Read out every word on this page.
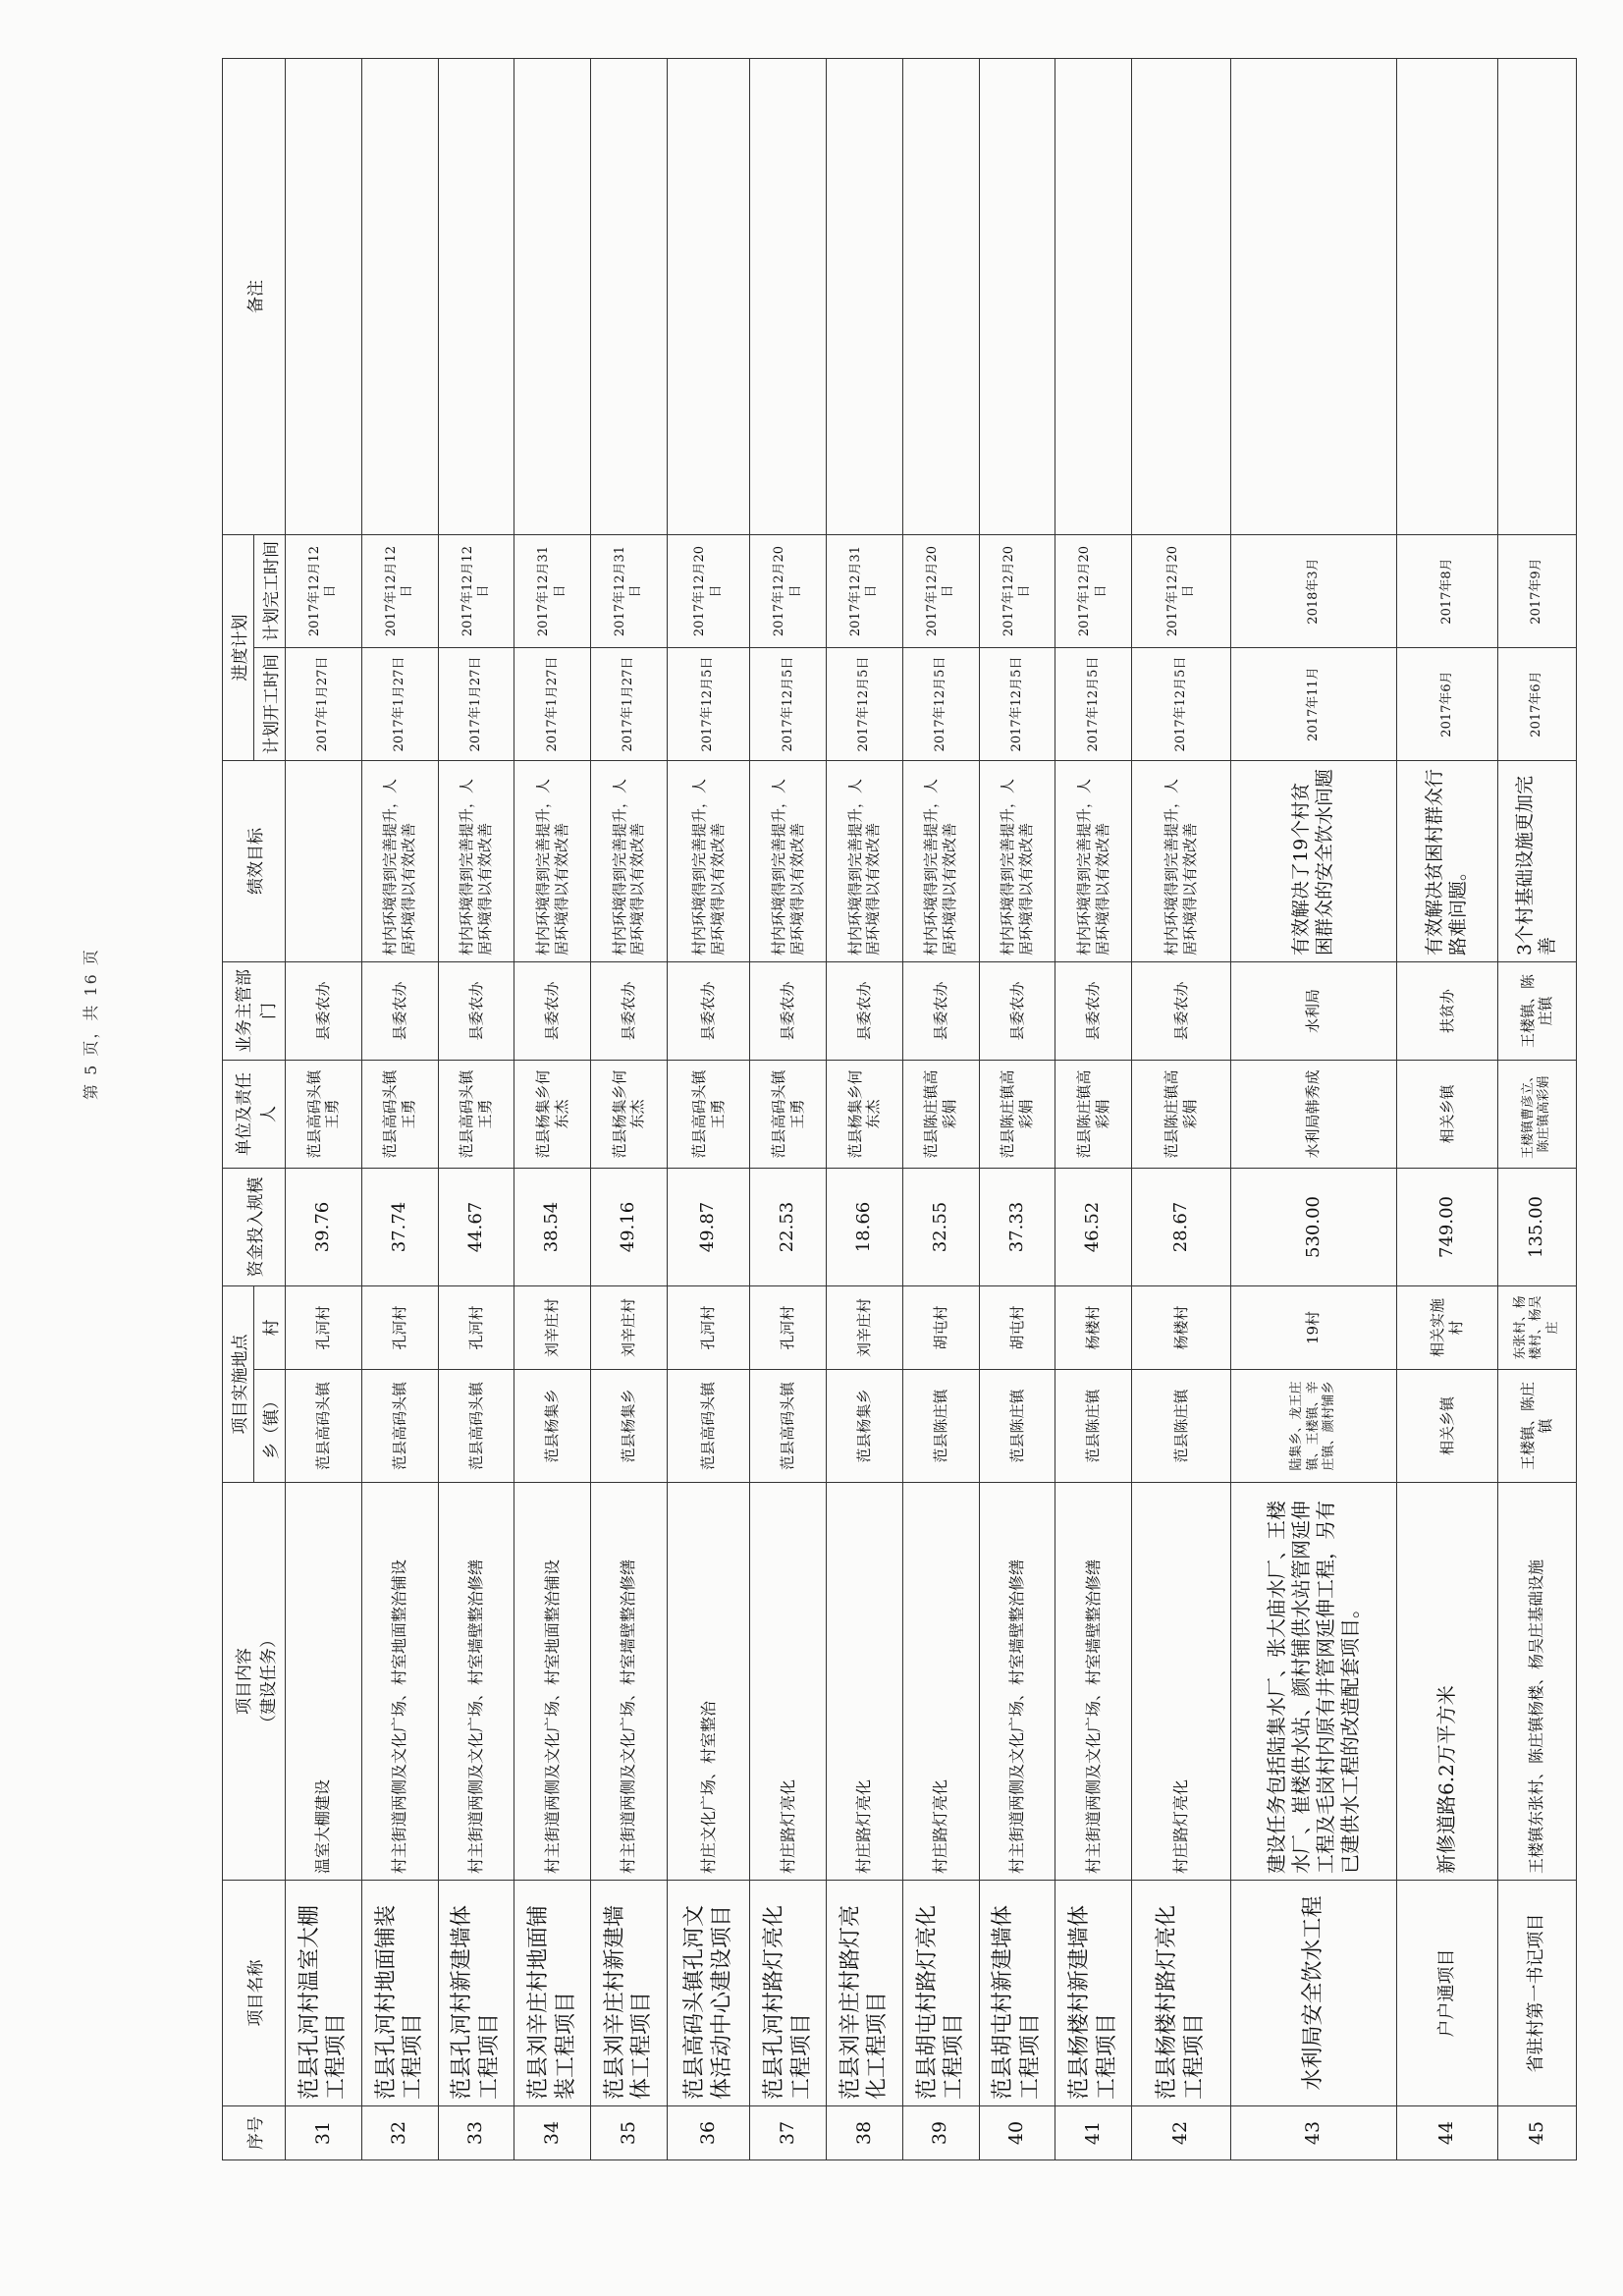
序号	项目名称	项目内容 （建设任务）	项目实施地点		资金投入规模	单位及责任人	业务主管部门	绩效目标	进度计划		备注
			乡（镇）	村					计划开工时间	计划完工时间	
31	范县孔河村温室大棚工程项目	温室大棚建设	范县高码头镇	孔河村	39.76	范县高码头镇王勇	县委农办		2017年1月27日	2017年12月12日	
32	范县孔河村地面铺装工程项目	村主街道两侧及文化广场、村室地面整治铺设	范县高码头镇	孔河村	37.74	范县高码头镇王勇	县委农办	村内环境得到完善提升，人居环境得以有效改善	2017年1月27日	2017年12月12日	
33	范县孔河村新建墙体工程项目	村主街道两侧及文化广场、村室墙壁整治修缮	范县高码头镇	孔河村	44.67	范县高码头镇王勇	县委农办	村内环境得到完善提升，人居环境得以有效改善	2017年1月27日	2017年12月12日	
34	范县刘辛庄村地面铺装工程项目	村主街道两侧及文化广场、村室地面整治铺设	范县杨集乡	刘辛庄村	38.54	范县杨集乡何东杰	县委农办	村内环境得到完善提升，人居环境得以有效改善	2017年1月27日	2017年12月31日	
35	范县刘辛庄村新建墙体工程项目	村主街道两侧及文化广场、村室墙壁整治修缮	范县杨集乡	刘辛庄村	49.16	范县杨集乡何东杰	县委农办	村内环境得到完善提升，人居环境得以有效改善	2017年1月27日	2017年12月31日	
36	范县高码头镇孔河文体活动中心建设项目	村庄文化广场、村室整治	范县高码头镇	孔河村	49.87	范县高码头镇王勇	县委农办	村内环境得到完善提升，人居环境得以有效改善	2017年12月5日	2017年12月20日	
37	范县孔河村路灯亮化工程项目	村庄路灯亮化	范县高码头镇	孔河村	22.53	范县高码头镇王勇	县委农办	村内环境得到完善提升，人居环境得以有效改善	2017年12月5日	2017年12月20日	
38	范县刘辛庄村路灯亮化工程项目	村庄路灯亮化	范县杨集乡	刘辛庄村	18.66	范县杨集乡何东杰	县委农办	村内环境得到完善提升，人居环境得以有效改善	2017年12月5日	2017年12月31日	
39	范县胡屯村路灯亮化工程项目	村庄路灯亮化	范县陈庄镇	胡屯村	32.55	范县陈庄镇高彩娟	县委农办	村内环境得到完善提升，人居环境得以有效改善	2017年12月5日	2017年12月20日	
40	范县胡屯村新建墙体工程项目	村主街道两侧及文化广场、村室墙壁整治修缮	范县陈庄镇	胡屯村	37.33	范县陈庄镇高彩娟	县委农办	村内环境得到完善提升，人居环境得以有效改善	2017年12月5日	2017年12月20日	
41	范县杨楼村新建墙体工程项目	村主街道两侧及文化广场、村室墙壁整治修缮	范县陈庄镇	杨楼村	46.52	范县陈庄镇高彩娟	县委农办	村内环境得到完善提升，人居环境得以有效改善	2017年12月5日	2017年12月20日	
42	范县杨楼村路灯亮化工程项目	村庄路灯亮化	范县陈庄镇	杨楼村	28.67	范县陈庄镇高彩娟	县委农办	村内环境得到完善提升，人居环境得以有效改善	2017年12月5日	2017年12月20日	
43	水利局安全饮水工程	建设任务包括陆集水厂、张大庙水厂、王楼水厂、崔楼供水站、颜村铺供水站管网延伸工程及毛岗村内原有井管网延伸工程，另有已建供水工程的改造配套项目。	陆集乡、龙王庄镇、王楼镇、辛庄镇、颜村铺乡	19村	530.00	水利局韩秀成	水利局	有效解决了19个村贫困群众的安全饮水问题	2017年11月	2018年3月	
44	户户通项目	新修道路6.2万平方米	相关乡镇	相关实施村	749.00	相关乡镇	扶贫办	有效解决贫困村群众行路难问题。	2017年6月	2017年8月	
45	省驻村第一书记项目	王楼镇东张村、陈庄镇杨楼、杨吴庄基础设施	王楼镇、陈庄镇	东张村、杨楼村、杨吴庄	135.00	王楼镇曹彦立、陈庄镇高彩娟	王楼镇、陈庄镇	3个村基础设施更加完善	2017年6月	2017年9月	
第 5 页，共 16 页
